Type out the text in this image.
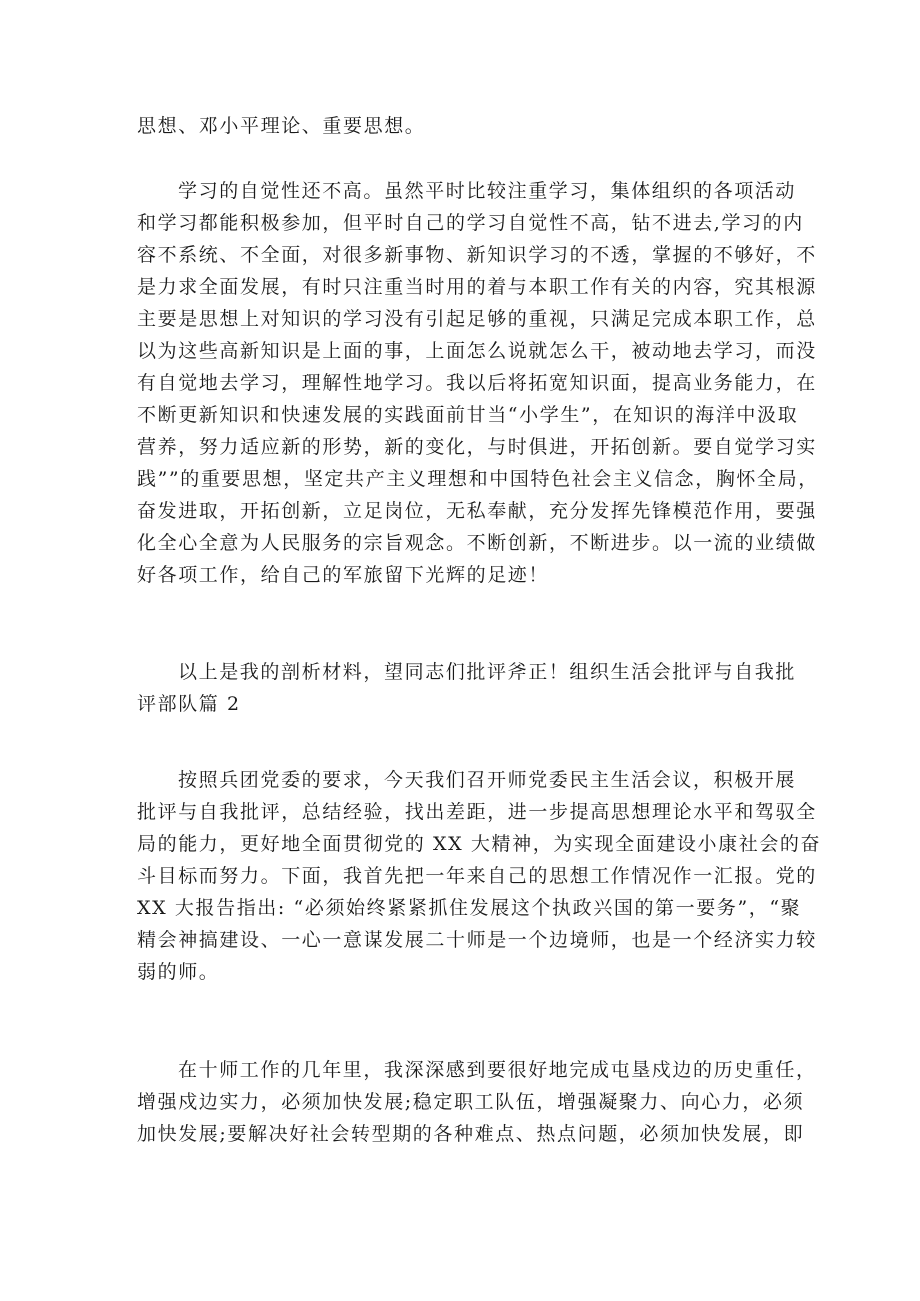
思想、邓小平理论、重要思想。
学习的自觉性还不高。虽然平时比较注重学习，集体组织的各项活动
和学习都能积极参加，但平时自己的学习自觉性不高，钻不进去,学习的内
容不系统、不全面，对很多新事物、新知识学习的不透，掌握的不够好，不
是力求全面发展，有时只注重当时用的着与本职工作有关的内容，究其根源
主要是思想上对知识的学习没有引起足够的重视，只满足完成本职工作，总
以为这些高新知识是上面的事，上面怎么说就怎么干，被动地去学习，而没
有自觉地去学习，理解性地学习。我以后将拓宽知识面，提高业务能力，在
不断更新知识和快速发展的实践面前甘当“小学生”，在知识的海洋中汲取
营养，努力适应新的形势，新的变化，与时俱进，开拓创新。要自觉学习实
践””的重要思想，坚定共产主义理想和中国特色社会主义信念，胸怀全局，
奋发进取，开拓创新，立足岗位，无私奉献，充分发挥先锋模范作用，要强
化全心全意为人民服务的宗旨观念。不断创新，不断进步。以一流的业绩做
好各项工作，给自己的军旅留下光辉的足迹！
以上是我的剖析材料，望同志们批评斧正！组织生活会批评与自我批
评部队篇 2
按照兵团党委的要求，今天我们召开师党委民主生活会议，积极开展
批评与自我批评，总结经验，找出差距，进一步提高思想理论水平和驾驭全
局的能力，更好地全面贯彻党的 XX 大精神，为实现全面建设小康社会的奋
斗目标而努力。下面，我首先把一年来自己的思想工作情况作一汇报。党的
XX 大报告指出: “必须始终紧紧抓住发展这个执政兴国的第一要务”，“聚
精会神搞建设、一心一意谋发展二十师是一个边境师，也是一个经济实力较
弱的师。
在十师工作的几年里，我深深感到要很好地完成屯垦戍边的历史重任，
增强戍边实力，必须加快发展;稳定职工队伍，增强凝聚力、向心力，必须
加快发展;要解决好社会转型期的各种难点、热点问题，必须加快发展，即
